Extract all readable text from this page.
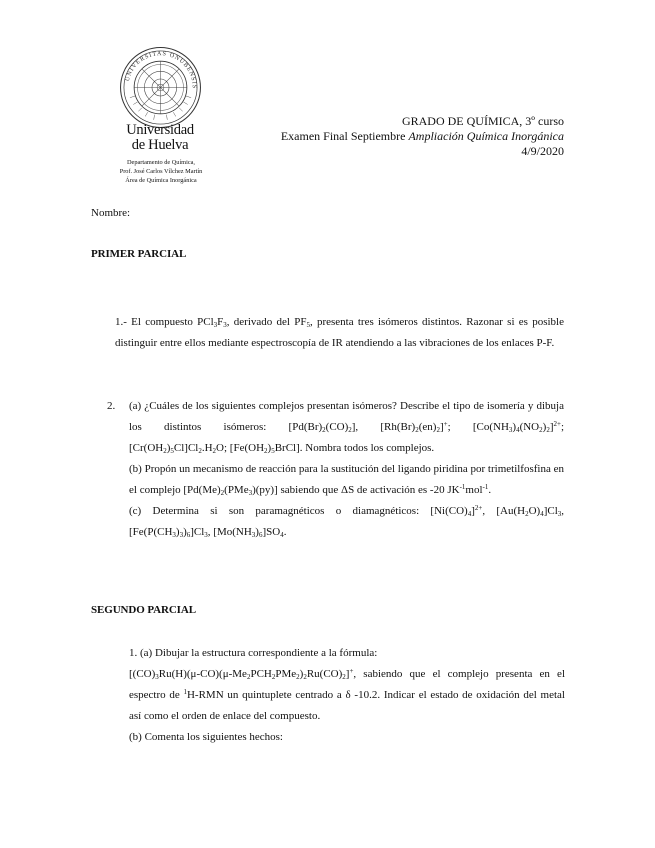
UNIVERSITAS ONUBENSIS
Universidad
de Huelva
Departamento de Química,
Prof. José Carlos Vílchez Martín
Área de Química Inorgánica
GRADO DE QUÍMICA, 3º curso
Examen Final Septiembre Ampliación Química Inorgánica
4/9/2020
Nombre:
PRIMER PARCIAL
1.- El compuesto $PCl_3F_3$, derivado del $PF_5$, presenta tres isómeros distintos. Razonar si es posible distinguir entre ellos mediante espectroscopía de IR atendiendo a las vibraciones de los enlaces P-F.
2.	(a) ¿Cuáles de los siguientes complejos presentan isómeros? Describe el tipo de isomería y dibuja los distintos isómeros: $[Pd(Br)_2(CO)_2]$, $[Rh(Br)_2(en)_2]^+$; $[Co(NH_3)_4(NO_2)_2]^{2+}$; $[Cr(OH_2)_5Cl]Cl_2.H_2O$; $[Fe(OH_2)_5BrCl]$. Nombra todos los complejos.
(b) Propón un mecanismo de reacción para la sustitución del ligando piridina por trimetilfosfina en el complejo $[Pd(Me)_2(PMe_3)(py)]$ sabiendo que ΔS de activación es -20 $JK^{-1}mol^{-1}$.
(c) Determina si son paramagnéticos o diamagnéticos: $[Ni(CO)_4]^{2+}$, $[Au(H_2O)_4]Cl_3$, $[Fe(P(CH_3)_3)_6]Cl_3$, $[Mo(NH_3)_6]SO_4$.
SEGUNDO PARCIAL
1. (a) Dibujar la estructura correspondiente a la fórmula:
$[(CO)_3Ru(H)(\mu-CO)(\mu-Me_2PCH_2PMe_2)_2Ru(CO)_2]^+$, sabiendo que el complejo presenta en el espectro de $^1$H-RMN un quintuplete centrado a δ -10.2. Indicar el estado de oxidación del metal así como el orden de enlace del compuesto.
(b) Comenta los siguientes hechos:
